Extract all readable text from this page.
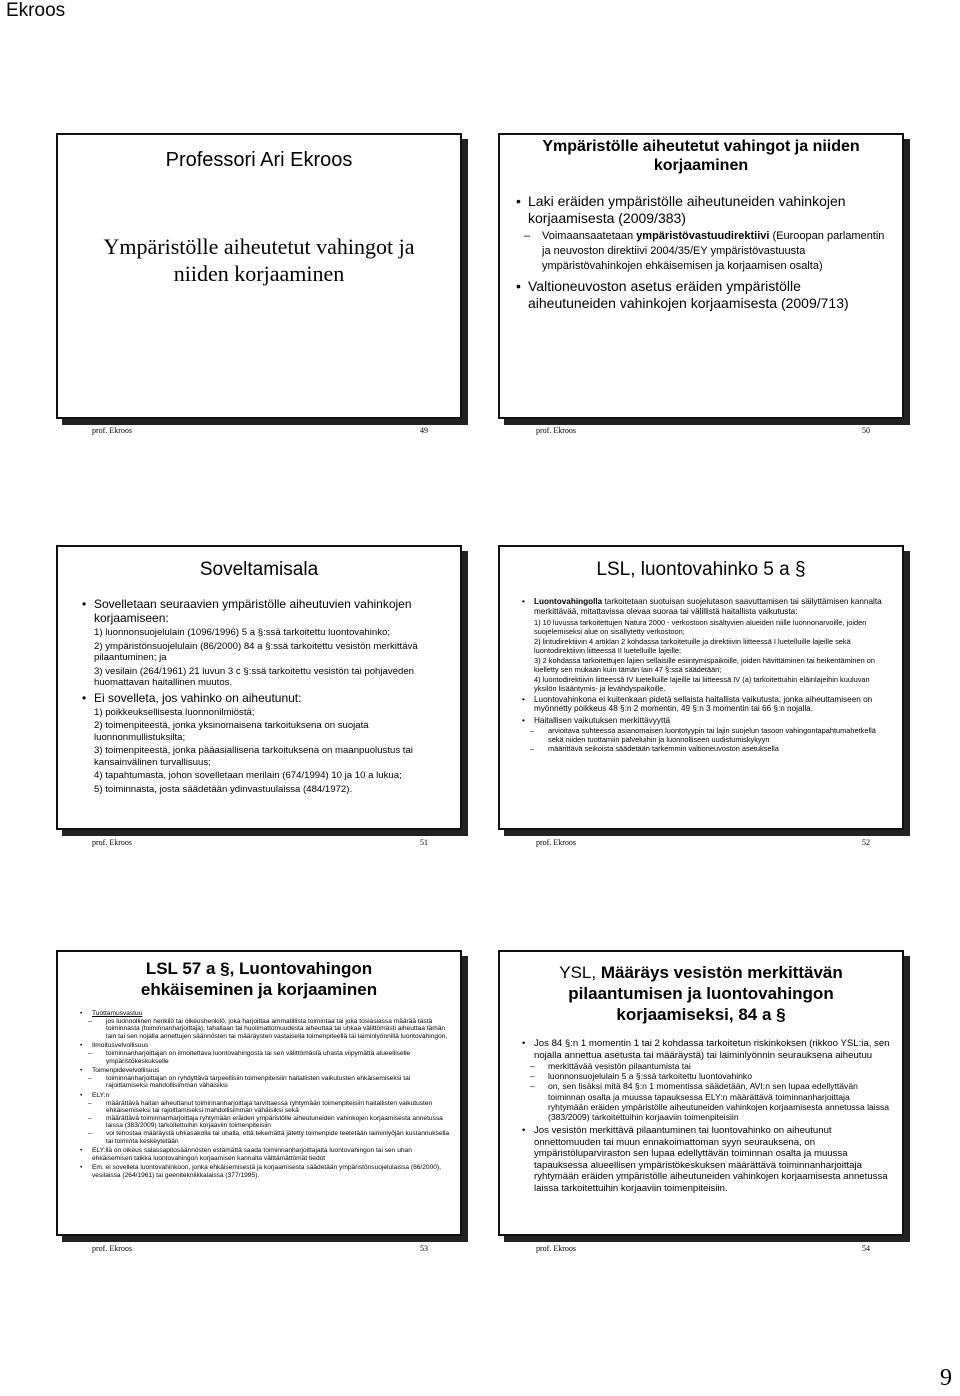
Ekroos
Professori Ari Ekroos
Ympäristölle aiheutetut vahingot ja niiden korjaaminen
prof. Ekroos	49
Ympäristölle aiheutetut vahingot ja niiden korjaaminen
• Laki eräiden ympäristölle aiheutuneiden vahinkojen korjaamisesta (2009/383)
– Voimaansaatetaan ympäristövastuudirektiivi (Euroopan parlamentin ja neuvoston direktiivi 2004/35/EY ympäristövastuusta ympäristövahinkojen ehkäisemisen ja korjaamisen osalta)
• Valtioneuvoston asetus eräiden ympäristölle aiheutuneiden vahinkojen korjaamisesta (2009/713)
prof. Ekroos	50
Soveltamisala
• Sovelletaan seuraavien ympäristölle aiheutuvien vahinkojen korjaamiseen:
1) luonnonsuojelulain (1096/1996) 5 a §:ssä tarkoitettu luontovahinko;
2) ympäristönsuojelulain (86/2000) 84 a §:ssä tarkoitettu vesistön merkittävä pilaantuminen; ja
3) vesilain (264/1961) 21 luvun 3 c §:ssä tarkoitettu vesistön tai pohjaveden huomattavan haitallinen muutos.
• Ei sovelleta, jos vahinko on aiheutunut:
1) poikkeuksellisesta luonnonilmiöstä;
2) toimenpiteestä, jonka yksinomaisena tarkoituksena on suojata luonnonmullistuksilta;
3) toimenpiteestä, jonka pääasiallisena tarkoituksena on maanpuolustus tai kansainvälinen turvallisuus;
4) tapahtumasta, johon sovelletaan merilain (674/1994) 10 ja 10 a lukua;
5) toiminnasta, josta säädetään ydinvastuulaissa (484/1972).
prof. Ekroos	51
LSL, luontovahinko 5 a §
• Luontovahingolla tarkoitetaan suotuisan suojelutason saavuttamisen tai säilyttämisen kannalta merkittävää, mitattavissa olevaa suoraa tai välillistä haitallista vaikutusta:
1) 10 luvussa tarkoitettujen Natura 2000 - verkostoon sisältyvien alueiden niille luonnonarvoille, joiden suojelemiseksi alue on sisällytetty verkostoon;
2) lintudirektiivin 4 artiklan 2 kohdassa tarkoitetuille ja direktiivin liitteessä I luetelluille lajeille sekä luontodirektiivin liitteessä II luetelluille lajeille;
3) 2 kohdassa tarkoitettujen lajien sellaisille esiintymispaikoille, joiden hävittäminen tai heikentäminen on kielletty sen mukaan kuin tämän lain 47 §:ssä säädetään;
4) luontodirektiivin liitteessä IV luetelluille lajeille tai liitteessä IV (a) tarkoitettuihin eläinlajeihin kuuluvan yksilön lisääntymis- ja levähdyspaikoille.
• Luontovahinkona ei kuitenkaan pidetä sellaista haitallista vaikutusta, jonka aiheuttamiseen on myönnetty poikkeus 48 §:n 2 momentin, 49 §:n 3 momentin tai 66 §:n nojalla.
• Haitallisen vaikutuksen merkittävyyttä
– arvioitava suhteessa asianomaisen luontotyypin tai lajin suojelun tasoon vahingontapahtumahetkellä sekä niiden tuottamiin palveluihin ja luonnolliseen uudistumiskykyyn
– määrittävä seikoista säädetään tarkemmin valtioneuvoston asetuksella
prof. Ekroos	52
LSL 57 a §, Luontovahingon ehkäiseminen ja korjaaminen
• Tuottamusvastuu
– jos luonnollinen henkilö tai oikeushenkilö, joka harjoittaa ammatillista toimintaa tai joka tosiasiassa määrää tästä toiminnasta (toiminnanharjoittaja), tahallaan tai huolimattomuudesta aiheuttaa tai uhkaa välittömästi aiheuttaa tämän lain tai sen nojalla annettujen säännösten tai määräysten vastaisella toimenpiteellä tai laiminlyönnillä luontovahingon,
• Ilmoitusvelvollisuus
– toiminnanharjoittajan on ilmoitettava luontovahingosta tai sen välittömästä uhasta viipymättä alueelliselle ympäristökeskukselle
• Toimenpidevelvollisuus
– toiminnanharjoittajan on ryhdyttävä tarpeellisiin toimenpiteisiin haitallisten vaikutusten ehkäisemiseksi tai rajoittamiseksi mahdollisimman vähäisiksi
• ELY:n
– määrättävä haitan aiheuttanut toiminnanharjoittaja tarvittaessa ryhtymään toimenpiteisiin haitallisten vaikutusten ehkäisemiseksi tai rajoittamiseksi mahdollisimman vähäisiksi sekä
– määrättävä toiminnanharjoittaja ryhtymään eräiden ympäristölle aiheutuneiden vahinkojen korjaamisesta annetussa laissa (383/2009) tarkoitettuihin korjaaviin toimenpiteisiin
– voi tehostaa määräystä uhkasakolla tai uhalla, että tekemättä jätetty toimenpide teetetään laiminlyöjän kustannuksella tai toiminta keskeytetään
• ELY:llä on oikeus salassapitosäännösten estämättä saada toiminnanharjoittajalta luontovahingon tai sen uhan ehkäisemisen taikka luontovahingon korjaamisen kannalta välttämättömät tiedot
• Em. ei sovelleta luontovahinkoon, jonka ehkäisemisestä ja korjaamisesta säädetään ympäristönsuojelulaissa (86/2000), vesilaissa (264/1961) tai geenitekniikkalaissa (377/1995).
prof. Ekroos	53
YSL, Määräys vesistön merkittävän pilaantumisen ja luontovahingon korjaamiseksi, 84 a §
• Jos 84 §:n 1 momentin 1 tai 2 kohdassa tarkoitetun riskinkoksen (rikkoo YSL:ia, sen nojalla annettua asetusta tai määräystä) tai laiminlyönnin seurauksena aiheutuu
– merkittävää vesistön pilaantumista tai
– luonnonsuojelulain 5 a §:ssä tarkoitettu luontovahinko
– on, sen lisäksi mitä 84 §:n 1 momentissa säädetään, AVI:n sen lupaa edellyttävän toiminnan osalta ja muussa tapauksessa ELY:n määrättävä toiminnanharjoittaja ryhtymään eräiden ympäristölle aiheutuneiden vahinkojen korjaamisesta annetussa laissa (383/2009) tarkoitettuihin korjaaviin toimenpiteisiin
• Jos vesistön merkittävä pilaantuminen tai luontovahinko on aiheutunut onnettomuuden tai muun ennakoimattoman syyn seurauksena, on ympäristöluparviraston sen lupaa edellyttävän toiminnan osalta ja muussa tapauksessa alueellisen ympäristökeskuksen määrättävä toiminnanharjoittaja ryhtymään eräiden ympäristölle aiheutuneiden vahinkojen korjaamisesta annetussa laissa tarkoitettuihin korjaaviin toimenpiteisiin.
prof. Ekroos	54
9
